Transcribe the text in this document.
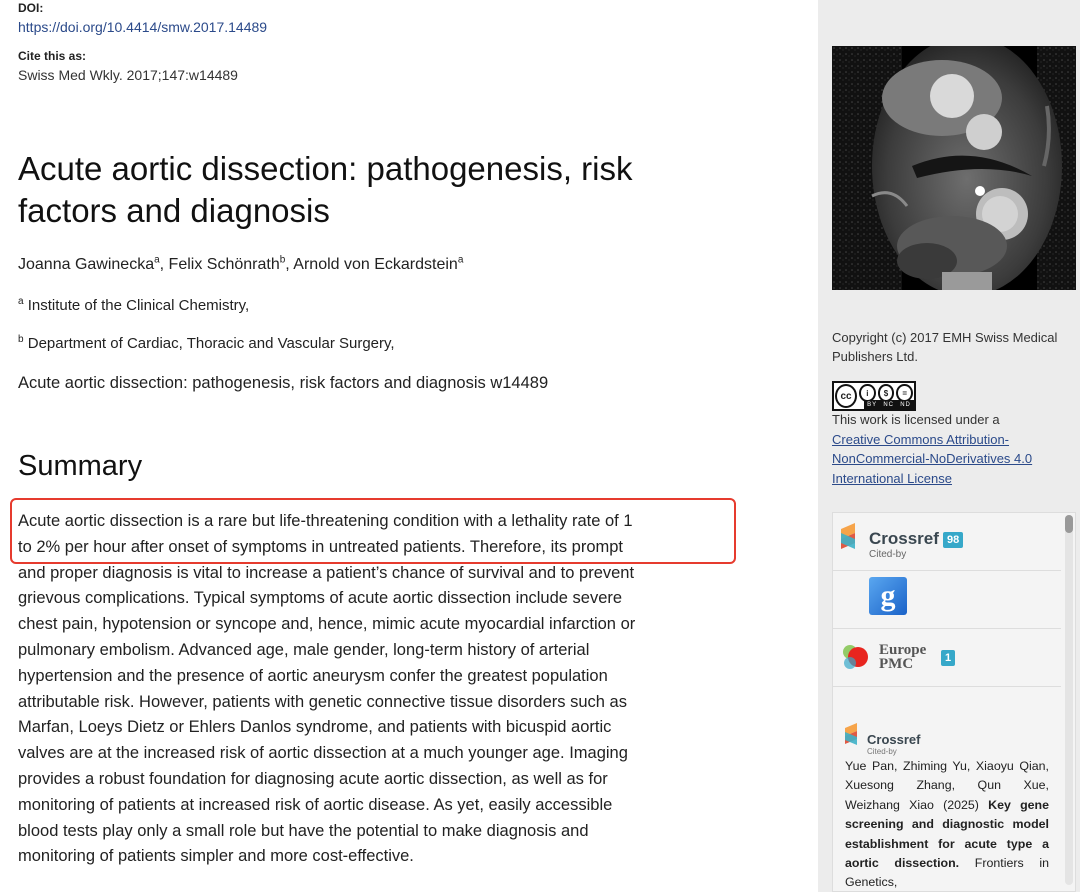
DOI:
https://doi.org/10.4414/smw.2017.14489
Cite this as:
Swiss Med Wkly. 2017;147:w14489
Acute aortic dissection: pathogenesis, risk factors and diagnosis
Joanna Gawinecka$^a$, Felix Schönrath$^b$, Arnold von Eckardstein$^a$
$^a$ Institute of the Clinical Chemistry,
$^b$ Department of Cardiac, Thoracic and Vascular Surgery,
Acute aortic dissection: pathogenesis, risk factors and diagnosis w14489
Summary
Acute aortic dissection is a rare but life-threatening condition with a lethality rate of 1
to 2% per hour after onset of symptoms in untreated patients. Therefore, its prompt
and proper diagnosis is vital to increase a patient’s chance of survival and to prevent
grievous complications. Typical symptoms of acute aortic dissection include severe
chest pain, hypotension or syncope and, hence, mimic acute myocardial infarction or
pulmonary embolism. Advanced age, male gender, long-term history of arterial
hypertension and the presence of aortic aneurysm confer the greatest population
attributable risk. However, patients with genetic connective tissue disorders such as
Marfan, Loeys Dietz or Ehlers Danlos syndrome, and patients with bicuspid aortic
valves are at the increased risk of aortic dissection at a much younger age. Imaging
provides a robust foundation for diagnosing acute aortic dissection, as well as for
monitoring of patients at increased risk of aortic disease. As yet, easily accessible
blood tests play only a small role but have the potential to make diagnosis and
monitoring of patients simpler and more cost-effective.
Copyright (c) 2017 EMH Swiss Medical Publishers Ltd.
cc	i	$	=
BY NC ND
This work is licensed under a
Creative Commons Attribution-
NonCommercial-NoDerivatives 4.0
International License
Crossref
Cited-by
98
g
Europe
PMC	1
Crossref
Cited-by
Yue Pan, Zhiming Yu, Xiaoyu Qian, Xuesong Zhang, Qun Xue, Weizhang Xiao (2025) Key gene screening and diagnostic model establishment for acute type a aortic dissection. Frontiers in Genetics,
